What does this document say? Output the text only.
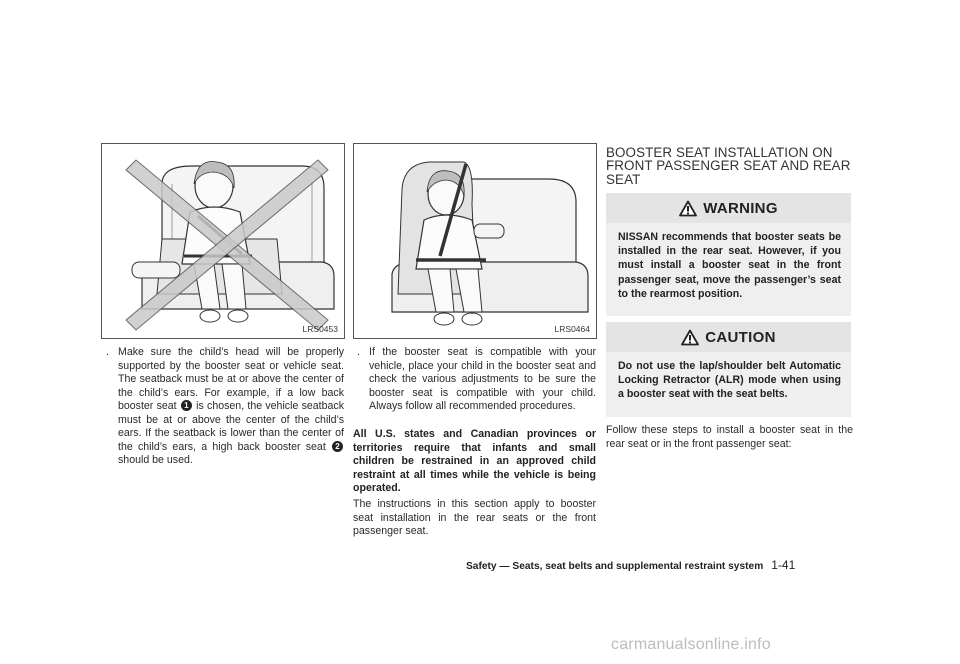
LRS0453	LRS0464
. Make sure the child’s head will be properly supported by the booster seat or vehicle seat. The seatback must be at or above the center of the child’s ears. For example, if a low back booster seat 1 is chosen, the vehicle seatback must be at or above the center of the child’s ears. If the seatback is lower than the center of the child’s ears, a high back booster seat 2 should be used.
. If the booster seat is compatible with your vehicle, place your child in the booster seat and check the various adjustments to be sure the booster seat is compatible with your child. Always follow all recommended procedures.
All U.S. states and Canadian provinces or territories require that infants and small children be restrained in an approved child restraint at all times while the vehicle is being operated.
The instructions in this section apply to booster seat installation in the rear seats or the front passenger seat.
BOOSTER SEAT INSTALLATION ON FRONT PASSENGER SEAT AND REAR SEAT
WARNING
NISSAN recommends that booster seats be installed in the rear seat. However, if you must install a booster seat in the front passenger seat, move the passenger’s seat to the rearmost position.
CAUTION
Do not use the lap/shoulder belt Automatic Locking Retractor (ALR) mode when using a booster seat with the seat belts.
Follow these steps to install a booster seat in the rear seat or in the front passenger seat:
Safety — Seats, seat belts and supplemental restraint system 1-41
carmanualsonline.info
